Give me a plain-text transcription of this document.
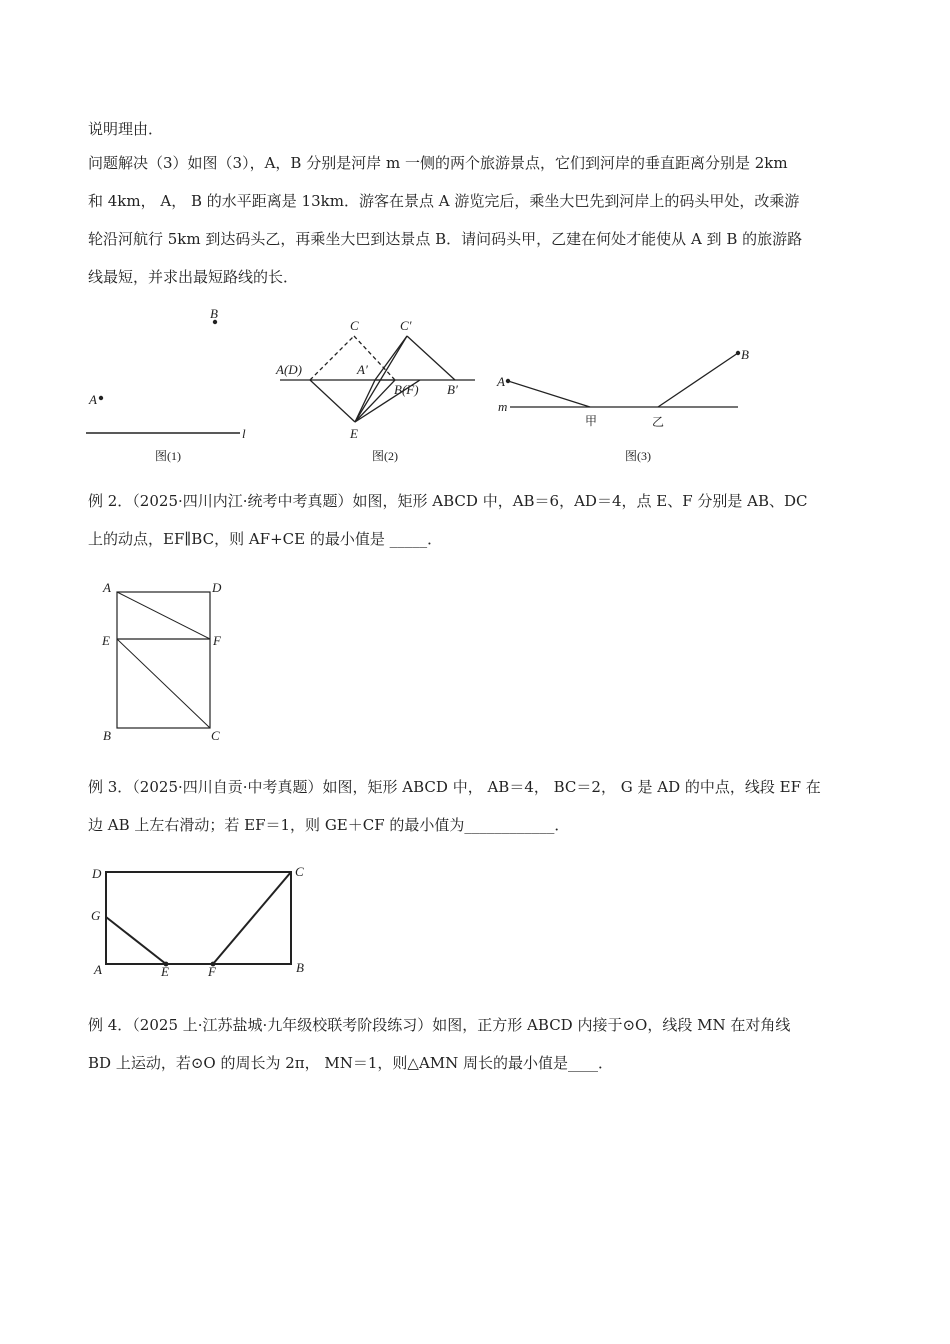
说明理由．
问题解决（3）如图（3），A，B 分别是河岸 m 一侧的两个旅游景点，它们到河岸的垂直距离分别是 2km
和 4km， A， B 的水平距离是 13km．游客在景点 A 游览完后，乘坐大巴先到河岸上的码头甲处，改乘游
轮沿河航行 5km 到达码头乙，再乘坐大巴到达景点 B．请问码头甲，乙建在何处才能使从 A 到 B 的旅游路
线最短，并求出最短路线的长．
B
A
l
图(1)
A(D)
C	C′
A′
B(F) B′
E
图(2)
A
B
m
甲	乙
图(3)
例 2．（2025·四川内江·统考中考真题）如图，矩形 ABCD 中，AB＝6，AD＝4，点 E、F 分别是 AB、DC
上的动点，EF∥BC，则 AF+CE 的最小值是 _____．
A	D
E	F
B	C
例 3．（2025·四川自贡·中考真题）如图，矩形 ABCD 中， AB＝4， BC＝2， G 是 AD 的中点，线段 EF 在
边 AB 上左右滑动；若 EF＝1，则 GE＋CF 的最小值为____________．
D	C
G
A	E	F	B
例 4．（2025 上·江苏盐城·九年级校联考阶段练习）如图，正方形 ABCD 内接于⊙O，线段 MN 在对角线
BD 上运动，若⊙O 的周长为 2π， MN＝1，则△AMN 周长的最小值是____．
